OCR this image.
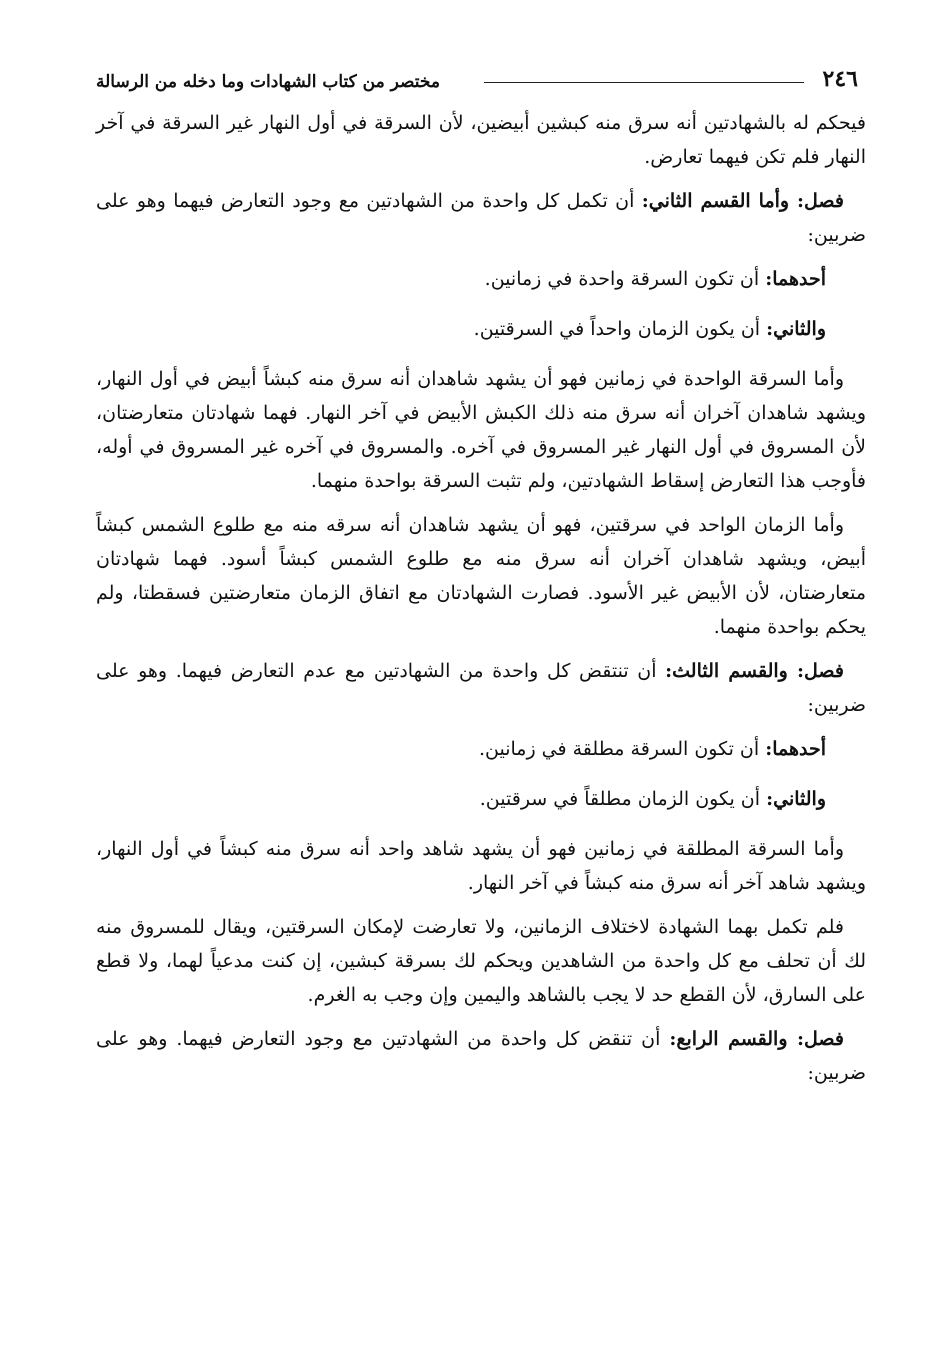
٢٤٦
مختصر من كتاب الشهادات وما دخله من الرسالة

فيحكم له بالشهادتين أنه سرق منه كبشين أبيضين، لأن السرقة في أول النهار غير السرقة في آخر النهار فلم تكن فيهما تعارض.

فصل: وأما القسم الثاني: أن تكمل كل واحدة من الشهادتين مع وجود التعارض فيهما وهو على ضربين:

أحدهما: أن تكون السرقة واحدة في زمانين.

والثاني: أن يكون الزمان واحداً في السرقتين.

وأما السرقة الواحدة في زمانين فهو أن يشهد شاهدان أنه سرق منه كبشاً أبيض في أول النهار، ويشهد شاهدان آخران أنه سرق منه ذلك الكبش الأبيض في آخر النهار. فهما شهادتان متعارضتان، لأن المسروق في أول النهار غير المسروق في آخره. والمسروق في آخره غير المسروق في أوله، فأوجب هذا التعارض إسقاط الشهادتين، ولم تثبت السرقة بواحدة منهما.

وأما الزمان الواحد في سرقتين، فهو أن يشهد شاهدان أنه سرقه منه مع طلوع الشمس كبشاً أبيض، ويشهد شاهدان آخران أنه سرق منه مع طلوع الشمس كبشاً أسود. فهما شهادتان متعارضتان، لأن الأبيض غير الأسود. فصارت الشهادتان مع اتفاق الزمان متعارضتين فسقطتا، ولم يحكم بواحدة منهما.

فصل: والقسم الثالث: أن تنتقض كل واحدة من الشهادتين مع عدم التعارض فيهما. وهو على ضربين:

أحدهما: أن تكون السرقة مطلقة في زمانين.

والثاني: أن يكون الزمان مطلقاً في سرقتين.

وأما السرقة المطلقة في زمانين فهو أن يشهد شاهد واحد أنه سرق منه كبشاً في أول النهار، ويشهد شاهد آخر أنه سرق منه كبشاً في آخر النهار.

فلم تكمل بهما الشهادة لاختلاف الزمانين، ولا تعارضت لإمكان السرقتين، ويقال للمسروق منه لك أن تحلف مع كل واحدة من الشاهدين ويحكم لك بسرقة كبشين، إن كنت مدعياً لهما، ولا قطع على السارق، لأن القطع حد لا يجب بالشاهد واليمين وإن وجب به الغرم.

فصل: والقسم الرابع: أن تنقض كل واحدة من الشهادتين مع وجود التعارض فيهما. وهو على ضربين:
